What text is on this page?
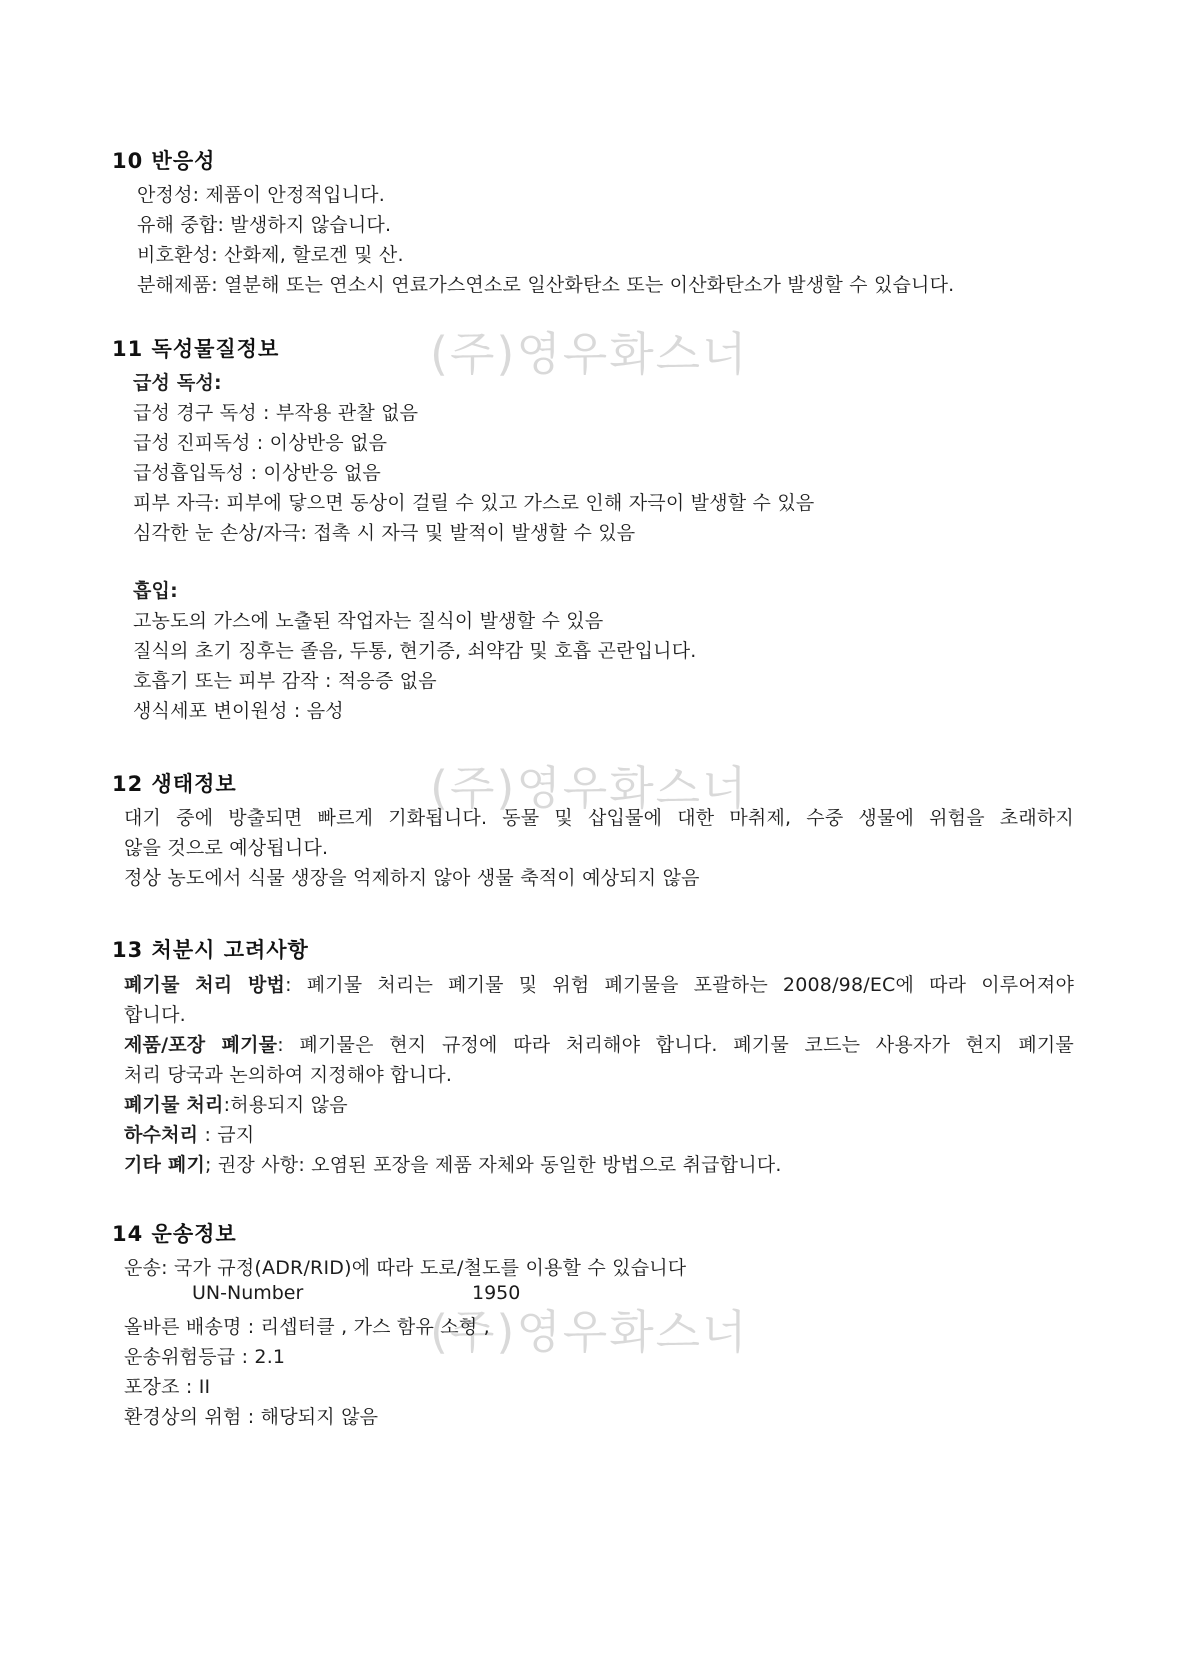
(주)영우화스너
(주)영우화스너
(주)영우화스너
10 반응성
안정성: 제품이 안정적입니다.
유해 중합: 발생하지 않습니다.
비호환성: 산화제, 할로겐 및 산.
분해제품: 열분해 또는 연소시 연료가스연소로 일산화탄소 또는 이산화탄소가 발생할 수 있습니다.
11 독성물질정보
급성 독성:
급성 경구 독성 : 부작용 관찰 없음
급성 진피독성 : 이상반응 없음
급성흡입독성 : 이상반응 없음
피부 자극: 피부에 닿으면 동상이 걸릴 수 있고 가스로 인해 자극이 발생할 수 있음
심각한 눈 손상/자극: 접촉 시 자극 및 발적이 발생할 수 있음
흡입:
고농도의 가스에 노출된 작업자는 질식이 발생할 수 있음
질식의 초기 징후는 졸음, 두통, 현기증, 쇠약감 및 호흡 곤란입니다.
호흡기 또는 피부 감작 : 적응증 없음
생식세포 변이원성 : 음성
12 생태정보
대기 중에 방출되면 빠르게 기화됩니다. 동물 및 삽입물에 대한 마취제, 수중 생물에 위험을 초래하지
않을 것으로 예상됩니다.
정상 농도에서 식물 생장을 억제하지 않아 생물 축적이 예상되지 않음
13 처분시 고려사항
폐기물 처리 방법: 폐기물 처리는 폐기물 및 위험 폐기물을 포괄하는 2008/98/EC에 따라 이루어져야
합니다.
제품/포장 폐기물: 폐기물은 현지 규정에 따라 처리해야 합니다. 폐기물 코드는 사용자가 현지 폐기물
처리 당국과 논의하여 지정해야 합니다.
폐기물 처리:허용되지 않음
하수처리 : 금지
기타 폐기; 권장 사항: 오염된 포장을 제품 자체와 동일한 방법으로 취급합니다.
14 운송정보
운송: 국가 규정(ADR/RID)에 따라 도로/철도를 이용할 수 있습니다
UN-Number	1950
올바른 배송명 : 리셉터클 , 가스 함유 소형 ,
운송위험등급 : 2.1
포장조 : II
환경상의 위험 : 해당되지 않음
